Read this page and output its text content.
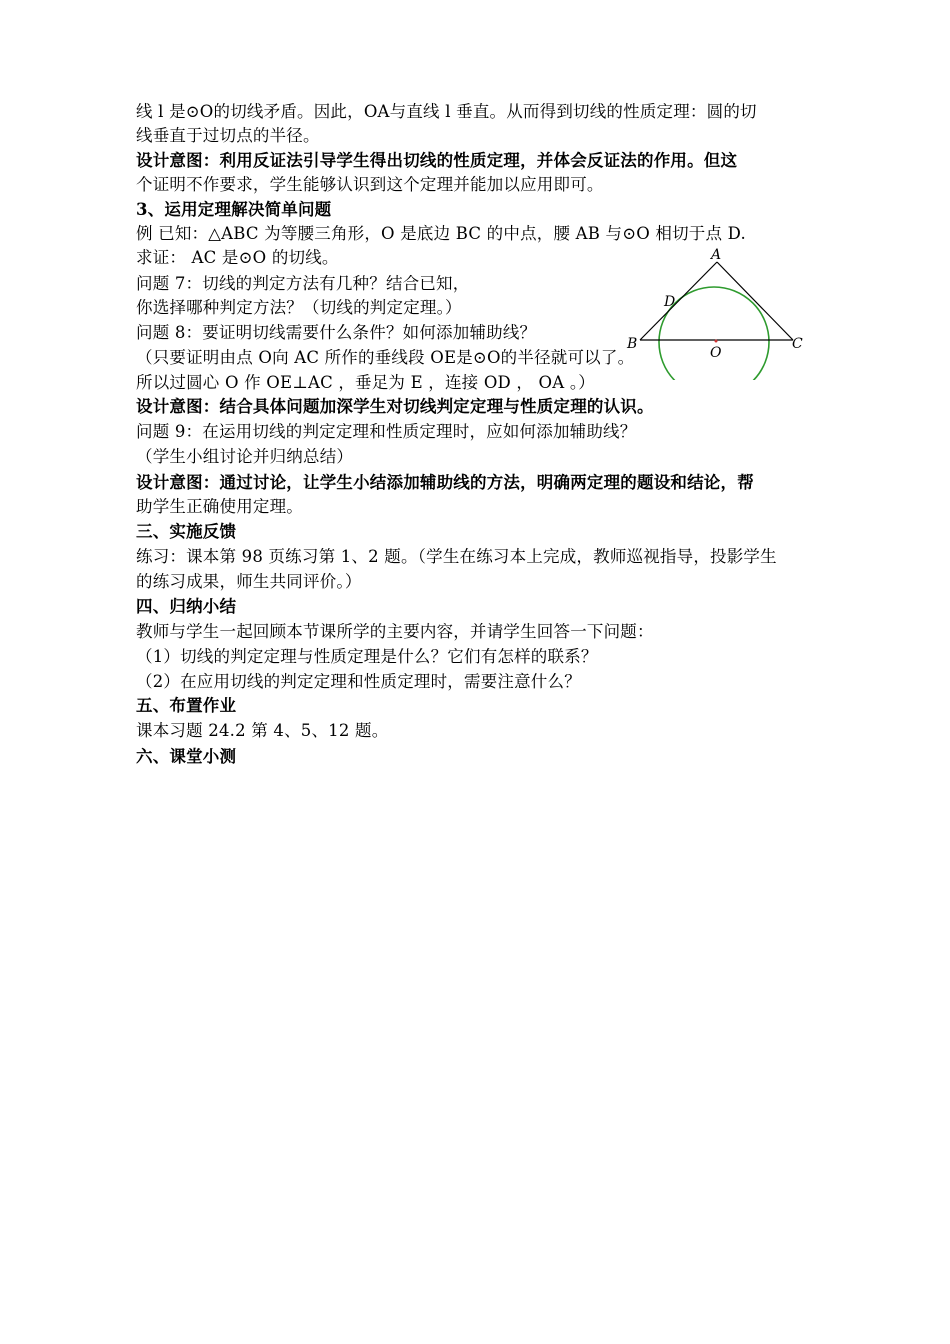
线 l 是⊙O的切线矛盾。因此，OA与直线 l 垂直。从而得到切线的性质定理：圆的切
线垂直于过切点的半径。
设计意图：利用反证法引导学生得出切线的性质定理，并体会反证法的作用。但这
个证明不作要求，学生能够认识到这个定理并能加以应用即可。
3、运用定理解决简单问题
例 已知：△ABC 为等腰三角形，O 是底边 BC 的中点，腰 AB 与⊙O 相切于点 D.
求证： AC 是⊙O 的切线。
问题 7：切线的判定方法有几种？结合已知，
你选择哪种判定方法？（切线的判定定理。）
问题 8：要证明切线需要什么条件？如何添加辅助线？
（只要证明由点 O向 AC 所作的垂线段 OE是⊙O的半径就可以了。
所以过圆心 O 作 OE⊥AC ，垂足为 E ，连接 OD ， OA 。）
设计意图：结合具体问题加深学生对切线判定定理与性质定理的认识。
问题 9：在运用切线的判定定理和性质定理时，应如何添加辅助线？
（学生小组讨论并归纳总结）
设计意图：通过讨论，让学生小结添加辅助线的方法，明确两定理的题设和结论，帮
助学生正确使用定理。
三、实施反馈
练习：课本第 98 页练习第 1、2 题。（学生在练习本上完成，教师巡视指导，投影学生
的练习成果，师生共同评价。）
四、归纳小结
教师与学生一起回顾本节课所学的主要内容，并请学生回答一下问题：
（1）切线的判定定理与性质定理是什么？它们有怎样的联系？
（2）在应用切线的判定定理和性质定理时，需要注意什么？
五、布置作业
课本习题 24.2 第 4、5、12 题。
六、课堂小测
A
B	C
D
O
